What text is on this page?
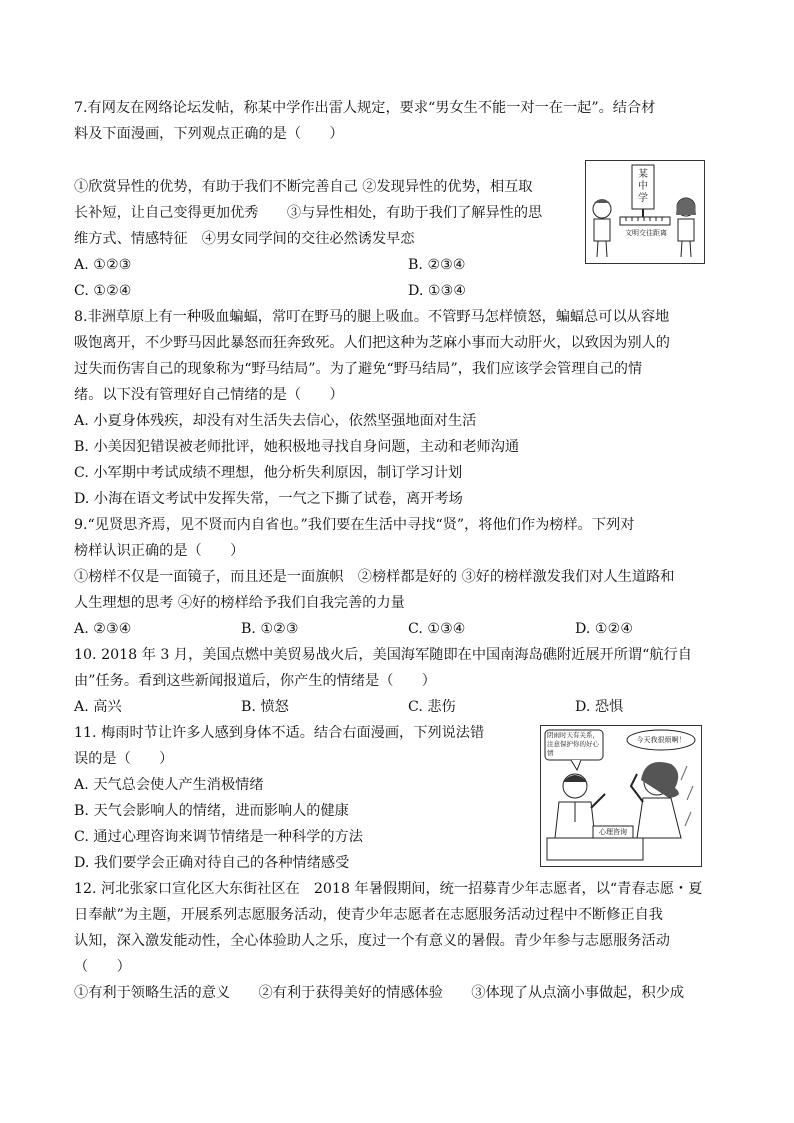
7.有网友在网络论坛发帖，称某中学作出雷人规定，要求“男女生不能一对一在一起”。结合材
料及下面漫画，下列观点正确的是（　　）
①欣赏异性的优势，有助于我们不断完善自己 ②发现异性的优势，相互取
长补短，让自己变得更加优秀　　③与异性相处，有助于我们了解异性的思
维方式、情感特征　④男女同学间的交往必然诱发早恋
A. ①②③	B. ②③④
C. ①②④	D. ①③④
某中学
文明交往距离
8.非洲草原上有一种吸血蝙蝠，常叮在野马的腿上吸血。不管野马怎样愤怒，蝙蝠总可以从容地
吸饱离开，不少野马因此暴怒而狂奔致死。人们把这种为芝麻小事而大动肝火，以致因为别人的
过失而伤害自己的现象称为“野马结局”。为了避免“野马结局”，我们应该学会管理自己的情
绪。以下没有管理好自己情绪的是（　　）
A. 小夏身体残疾，却没有对生活失去信心，依然坚强地面对生活
B. 小美因犯错误被老师批评，她积极地寻找自身问题，主动和老师沟通
C. 小军期中考试成绩不理想，他分析失利原因，制订学习计划
D. 小海在语文考试中发挥失常，一气之下撕了试卷，离开考场
9.“见贤思齐焉，见不贤而内自省也。”我们要在生活中寻找“贤”，将他们作为榜样。下列对
榜样认识正确的是（　　）
①榜样不仅是一面镜子，而且还是一面旗帜　②榜样都是好的 ③好的榜样激发我们对人生道路和
人生理想的思考 ④好的榜样给予我们自我完善的力量
A. ②③④	B. ①②③	C. ①③④	D. ①②④
10. 2018 年 3 月，美国点燃中美贸易战火后，美国海军随即在中国南海岛礁附近展开所谓“航行自
由”任务。看到这些新闻报道后，你产生的情绪是（　　）
A. 高兴	B. 愤怒	C. 悲伤	D. 恐惧
11. 梅雨时节让许多人感到身体不适。结合右面漫画，下列说法错
误的是（　　）
A. 天气总会使人产生消极情绪
B. 天气会影响人的情绪，进而影响人的健康
C. 通过心理咨询来调节情绪是一种科学的方法
D. 我们要学会正确对待自己的各种情绪感受
阴雨时天有关系，注意保护你的好心情
今天我很烦啊！
心理咨询
12. 河北张家口宣化区大东街社区在　2018 年暑假期间，统一招募青少年志愿者，以“青春志愿・夏
日奉献”为主题，开展系列志愿服务活动，使青少年志愿者在志愿服务活动过程中不断修正自我
认知，深入激发能动性，全心体验助人之乐，度过一个有意义的暑假。青少年参与志愿服务活动
（　　）
①有利于领略生活的意义　　②有利于获得美好的情感体验　　③体现了从点滴小事做起，积少成
